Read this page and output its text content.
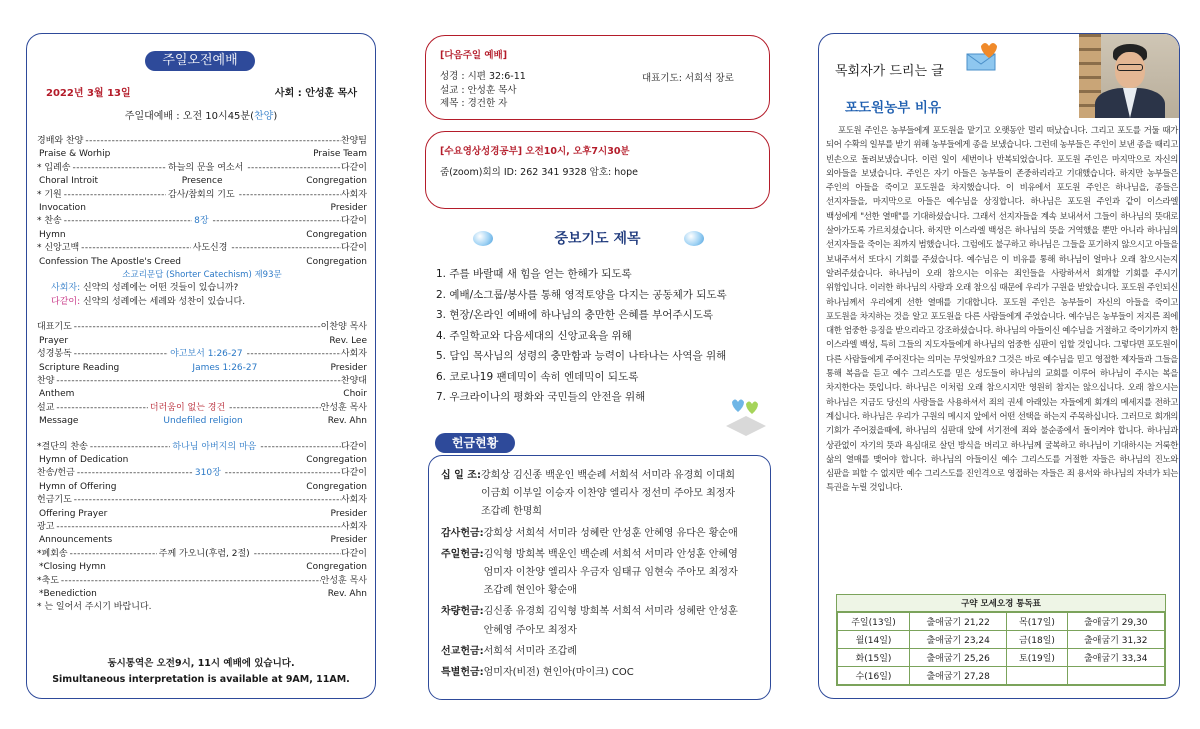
주일오전예배
2022년 3월 13일	사회 : 안성훈 목사
주일대예배 : 오전 10시45분(찬양)
경배와 찬양 -----	찬양팀
Praise & Worhip	Praise Team
* 입례송 -----	하늘의 문을 여소서 -----	다같이
Choral Introit	Presence	Congregation
* 기원 -----	감사/참회의 기도 -----	사회자
Invocation	Presider
* 찬송 -----	8장 -----	다같이
Hymn	Congregation
* 신앙고백 -----	사도신경 -----	다같이
Confession The Apostle's Creed	Congregation
소교리문답 (Shorter Catechism) 제93문
사회자: 신약의 성례에는 어떤 것들이 있습니까?
다같이: 신약의 성례에는 세례와 성찬이 있습니다.
대표기도 -----	이찬양 목사
Prayer	Rev. Lee
성경봉독 -----	야고보서 1:26-27 -----	사회자
Scripture Reading	James 1:26-27	Presider
찬양 -----	찬양대
Anthem	Choir
설교 -----	더러움이 없는 경건 -----	안성훈 목사
Message	Undefiled religion	Rev. Ahn
*결단의 찬송 -----	하나님 아버지의 마음 -----	다같이
Hymn of Dedication	Congregation
찬송/헌금 -----	310장 -----	다같이
Hymn of Offering	Congregation
헌금기도 -----	사회자
Offering Prayer	Presider
광고 -----	사회자
Announcements	Presider
*폐회송 -----	주께 가오니(후렴, 2절) -----	다같이
*Closing Hymn	Congregation
*축도 -----	안성훈 목사
*Benediction	Rev. Ahn
* 는 일어서 주시기 바랍니다.
동시통역은 오전9시, 11시 예배에 있습니다.
Simultaneous interpretation is available at 9AM, 11AM.
[다음주일 예배]
성경 : 시편 32:6-11
설교 : 안성훈 목사
제목 : 경건한 자
대표기도: 서희석 장로
[수요영상성경공부] 오전10시, 오후7시30분
줌(zoom)회의 ID: 262 341 9328 암호: hope
중보기도 제목
1. 주를 바랄때 새 힘을 얻는 한해가 되도록
2. 예배/소그룹/봉사를 통해 영적토양을 다지는 공동체가 되도록
3. 현장/온라인 예배에 하나님의 충만한 은혜를 부어주시도록
4. 주일학교와 다음세대의 신앙교육을 위해
5. 담임 목사님의 성령의 충만함과 능력이 나타나는 사역을 위해
6. 코로나19 팬데믹이 속히 엔데믹이 되도록
7. 우크라이나의 평화와 국민들의 안전을 위해
헌금현황
십 일 조: 강희상 김신종 백운인 백순례 서희석 서미라 유경희 이대희 이금희 이부일 이승자 이찬양 엘리사 정선미 주아모 최정자 조갑례 한명희
감사헌금: 강희상 서희석 서미라 성혜란 안성훈 안혜영 유다은 황순애
주일헌금: 김익형 방희복 백운인 백순례 서희석 서미라 안성훈 안혜영 엄미자 이찬양 엘리사 우금자 임태규 임현숙 주아모 최정자 조갑례 현인아 황순애
차량헌금: 김신종 유경희 김익형 방희복 서희석 서미라 성혜란 안성훈 안혜영 주아모 최정자
선교헌금: 서희석 서미라 조갑례
특별헌금: 엄미자(비전) 현인아(마이크) COC
목회자가 드리는 글
포도원농부 비유
포도원 주인은 농부들에게 포도원을 맡기고 오랫동안 멀리 떠났습니다. 그리고 포도를 거둘 때가 되어 수확의 일부를 받기 위해 농부들에게 종을 보냈습니다. 그런데 농부들은 주인이 보낸 종을 때리고 빈손으로 돌려보냈습니다. 이런 일이 세번이나 반복되었습니다. 포도원 주인은 마지막으로 자신의 외아들을 보냈습니다. 주인은 자기 아들은 농부들이 존중하리라고 기대했습니다. 하지만 농부들은 주인의 아들을 죽이고 포도원을 차지했습니다. 이 비유에서 포도원 주인은 하나님을, 종들은 선지자들을, 마지막으로 아들은 예수님을 상징합니다. 하나님은 포도원 주인과 같이 이스라엘 백성에게 "선한 열매"를 기대하셨습니다. 그래서 선지자들을 계속 보내셔서 그들이 하나님의 뜻대로 살아가도록 가르치셨습니다. 하지만 이스라엘 백성은 하나님의 뜻을 거역했을 뿐만 아니라 하나님의 선지자들을 죽이는 죄까지 범했습니다. 그럼에도 불구하고 하나님은 그들을 포기하지 않으시고 아들을 보내주셔서 또다시 기회를 주셨습니다. 예수님은 이 비유를 통해 하나님이 얼마나 오래 참으시는지 알려주셨습니다. 하나님이 오래 참으시는 이유는 죄인들을 사랑하셔서 회개할 기회를 주시기 위함입니다. 이러한 하나님의 사랑과 오래 참으심 때문에 우리가 구원을 받았습니다. 포도원 주인되신 하나님께서 우리에게 선한 열매를 기대합니다. 포도원 주인은 농부들이 자신의 아들을 죽이고 포도원을 차지하는 것을 알고 포도원을 다른 사람들에게 주었습니다. 예수님은 농부들이 저지른 죄에 대한 엄중한 응징을 받으리라고 강조하셨습니다. 하나님의 아들이신 예수님을 거절하고 죽이기까지 한 이스라엘 백성, 특히 그들의 지도자들에게 하나님의 엄중한 심판이 임할 것입니다. 그렇다면 포도원이 다른 사람들에게 주어진다는 의미는 무엇일까요? 그것은 바로 예수님을 믿고 영접한 제자들과 그들을 통해 복음을 듣고 예수 그리스도를 믿은 성도들이 하나님의 교회를 이루어 하나님이 주시는 복을 차지한다는 뜻입니다. 하나님은 이처럼 오래 참으시지만 영원히 참지는 않으십니다. 오래 참으시는 하나님은 지금도 당신의 사랑들을 사용하셔서 죄의 권세 아래있는 자들에게 회개의 메세지를 전하고 계십니다. 하나님은 우리가 구원의 메시지 앞에서 어떤 선택을 하는지 주목하십니다. 그러므로 회개의 기회가 주어졌을때에, 하나님의 심판대 앞에 서기전에 죄와 불순종에서 돌이켜야 합니다. 하나님과 상관없이 자기의 뜻과 욕심대로 살던 방식을 버리고 하나님께 굴복하고 하나님이 기대하시는 거룩한 삶의 열매를 맺어야 합니다. 하나님의 아들이신 예수 그리스도를 거절한 자들은 하나님의 진노와 심판을 피할 수 없지만 예수 그리스도를 진인격으로 영접하는 자들은 죄 용서와 하나님의 자녀가 되는 특권을 누릴 것입니다.
구약 모세오경 통독표
주일(13일)	출애굽기 21,22	목(17일)	출애굽기 29,30
월(14일)	출애굽기 23,24	금(18일)	출애굽기 31,32
화(15일)	출애굽기 25,26	토(19일)	출애굽기 33,34
수(16일)	출애굽기 27,28		
